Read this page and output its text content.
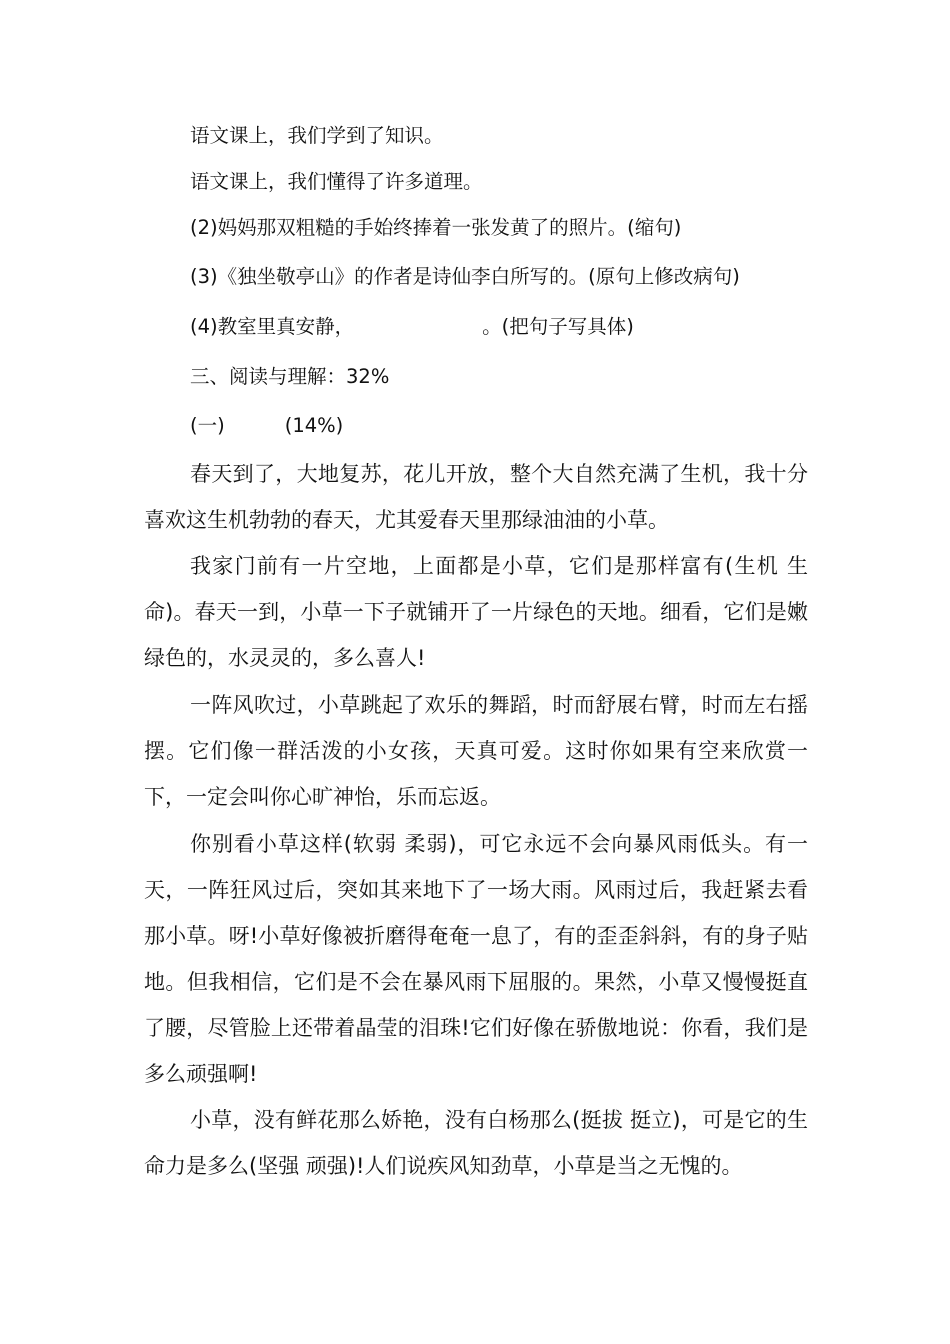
语文课上，我们学到了知识。
语文课上，我们懂得了许多道理。
(2)妈妈那双粗糙的手始终捧着一张发黄了的照片。(缩句)
(3)《独坐敬亭山》的作者是诗仙李白所写的。(原句上修改病句)
(4)教室里真安静，	。(把句子写具体)
三、阅读与理解：32%
(一)	(14%)

春天到了，大地复苏，花儿开放，整个大自然充满了生机，我十分喜欢这生机勃勃的春天，尤其爱春天里那绿油油的小草。

我家门前有一片空地，上面都是小草，它们是那样富有(生机 生命)。春天一到，小草一下子就铺开了一片绿色的天地。细看，它们是嫩绿色的，水灵灵的，多么喜人!

一阵风吹过，小草跳起了欢乐的舞蹈，时而舒展右臂，时而左右摇摆。它们像一群活泼的小女孩，天真可爱。这时你如果有空来欣赏一下，一定会叫你心旷神怡，乐而忘返。

你别看小草这样(软弱 柔弱)，可它永远不会向暴风雨低头。有一天，一阵狂风过后，突如其来地下了一场大雨。风雨过后，我赶紧去看那小草。呀!小草好像被折磨得奄奄一息了，有的歪歪斜斜，有的身子贴地。但我相信，它们是不会在暴风雨下屈服的。果然，小草又慢慢挺直了腰，尽管脸上还带着晶莹的泪珠!它们好像在骄傲地说：你看，我们是多么顽强啊!

小草，没有鲜花那么娇艳，没有白杨那么(挺拔 挺立)，可是它的生命力是多么(坚强 顽强)!人们说疾风知劲草，小草是当之无愧的。
